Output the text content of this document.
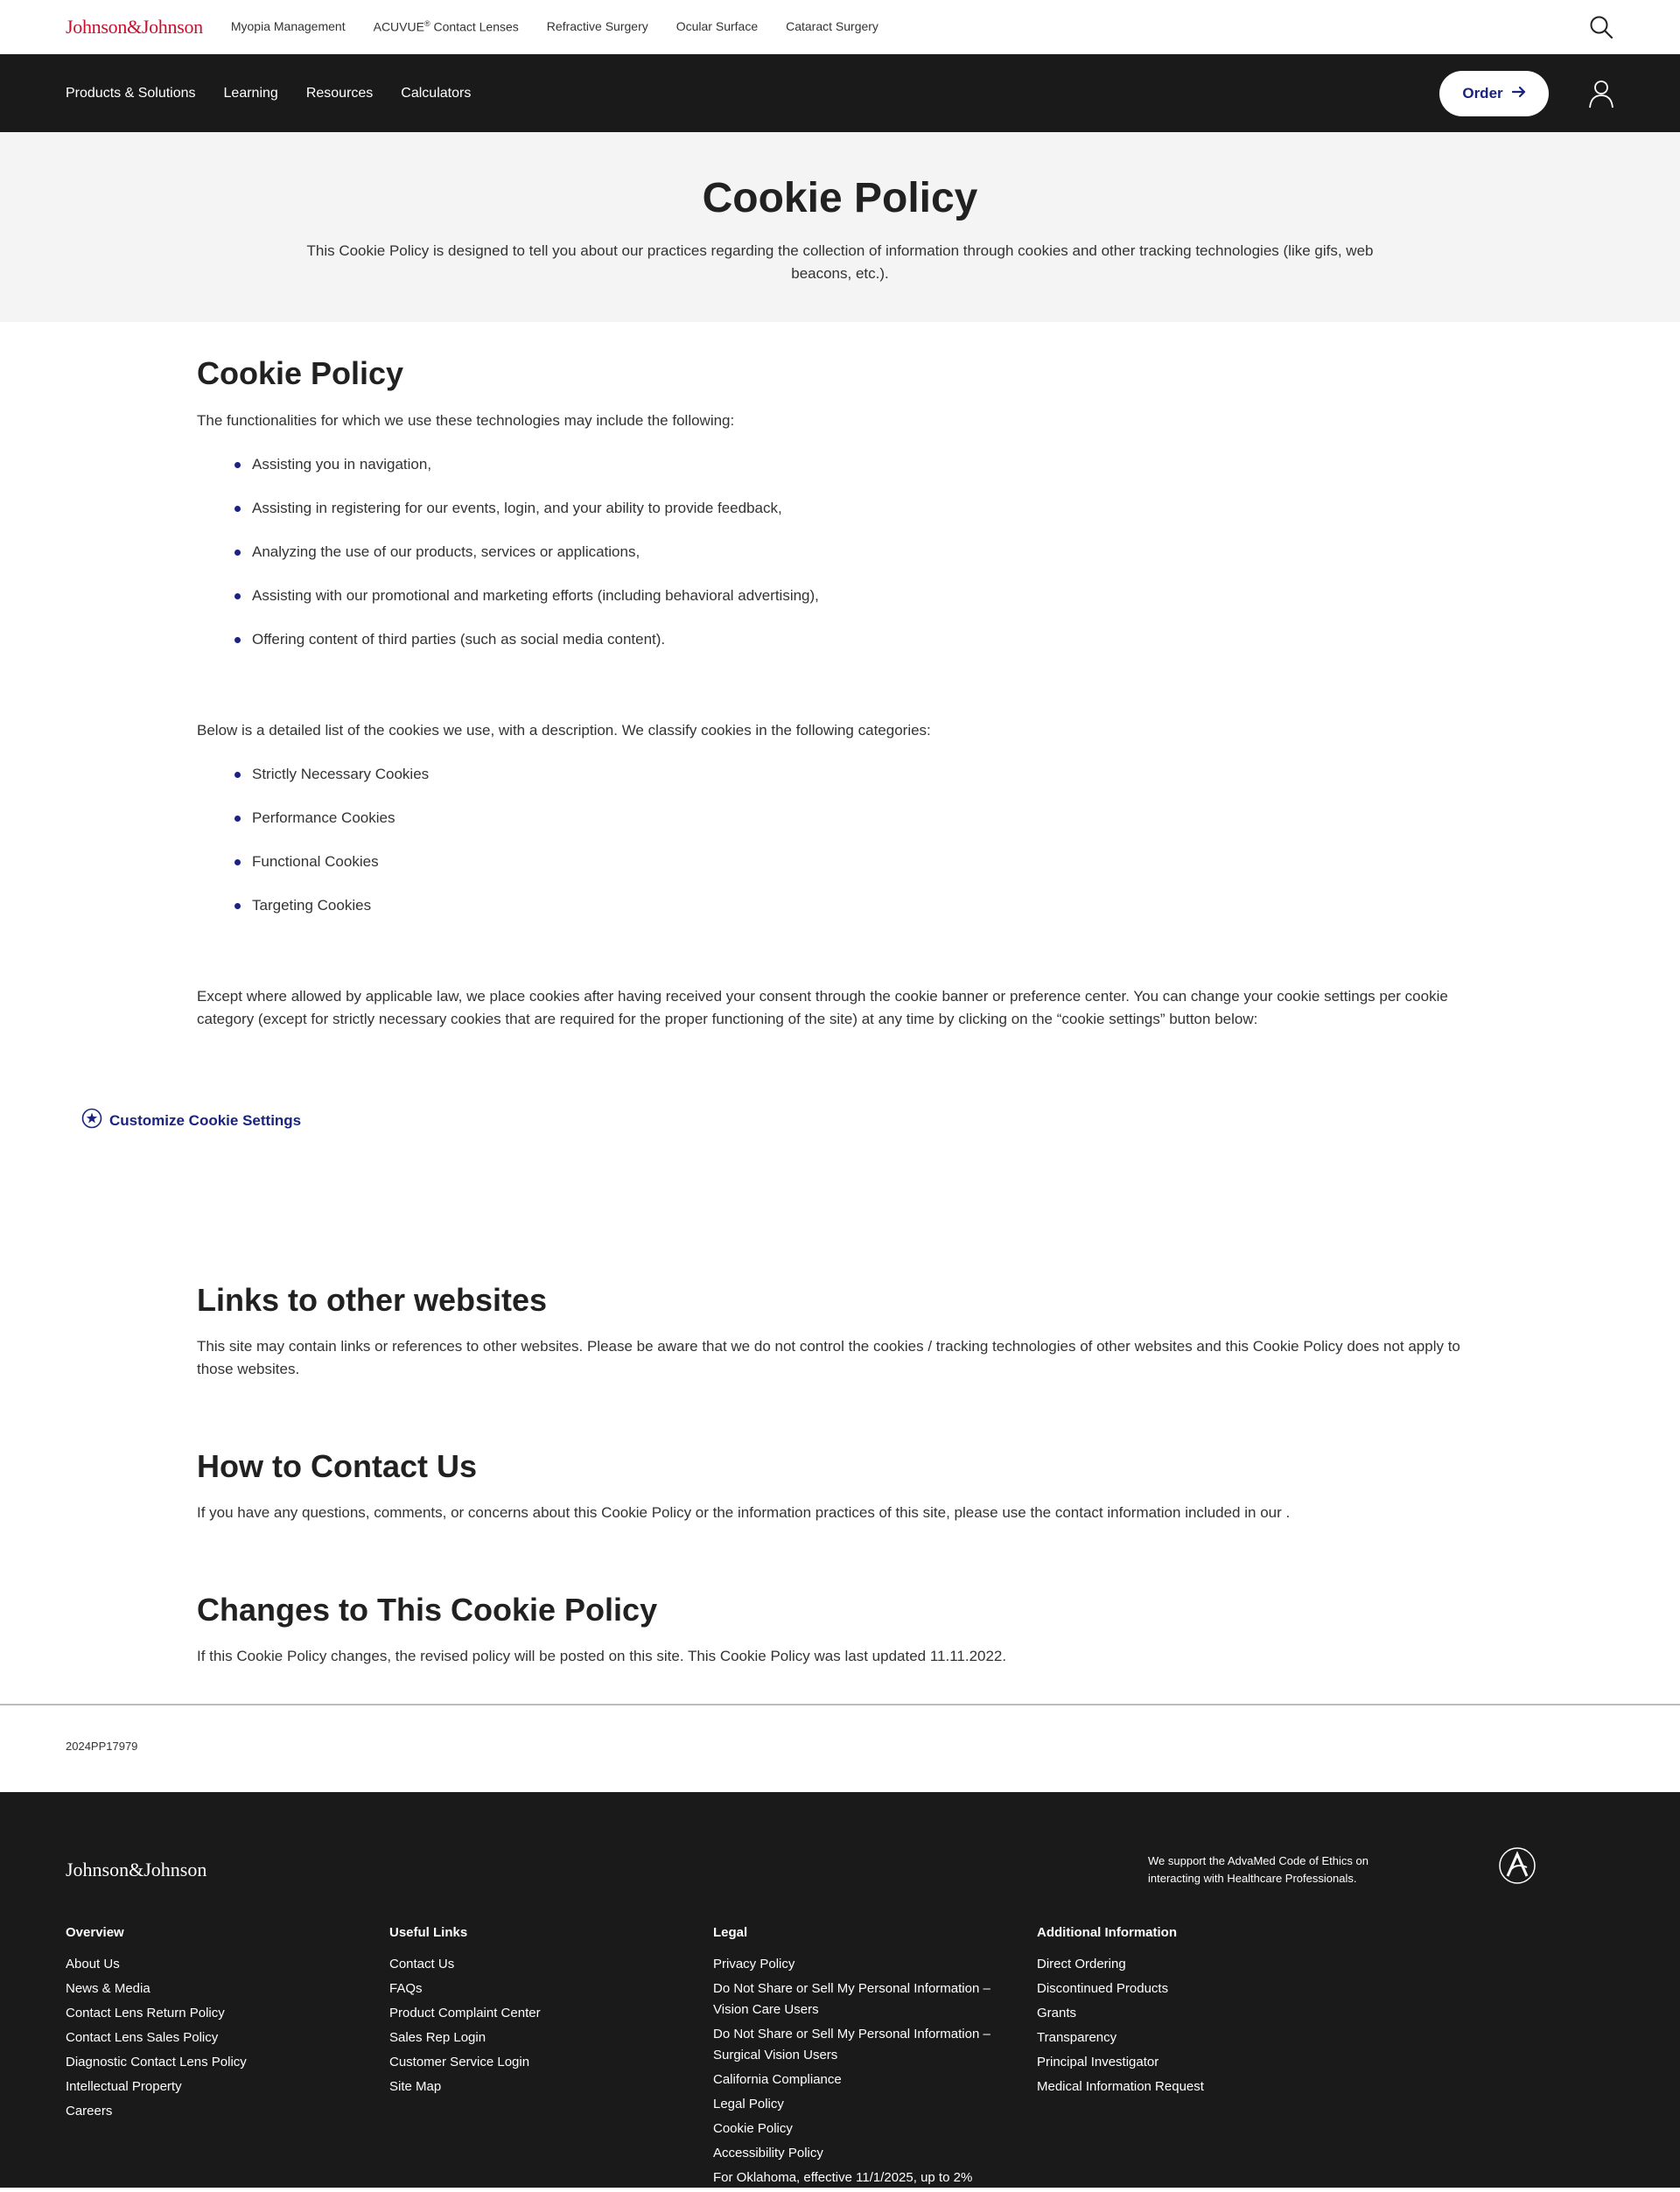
Johnson&Johnson Myopia Management ACUVUE® Contact Lenses Refractive Surgery Ocular Surface Cataract Surgery
Products & Solutions Learning Resources Calculators	Order
Cookie Policy

This Cookie Policy is designed to tell you about our practices regarding the collection of information through cookies and other tracking technologies (like gifs, web beacons, etc.).

Cookie Policy

The functionalities for which we use these technologies may include the following:

Assisting you in navigation,
Assisting in registering for our events, login, and your ability to provide feedback,
Analyzing the use of our products, services or applications,
Assisting with our promotional and marketing efforts (including behavioral advertising),
Offering content of third parties (such as social media content).

Below is a detailed list of the cookies we use, with a description. We classify cookies in the following categories:

Strictly Necessary Cookies
Performance Cookies
Functional Cookies
Targeting Cookies

Except where allowed by applicable law, we place cookies after having received your consent through the cookie banner or preference center. You can change your cookie settings per cookie category (except for strictly necessary cookies that are required for the proper functioning of the site) at any time by clicking on the “cookie settings” button below:

Customize Cookie Settings
Links to other websites

This site may contain links or references to other websites. Please be aware that we do not control the cookies / tracking technologies of other websites and this Cookie Policy does not apply to those websites.

How to Contact Us

If you have any questions, comments, or concerns about this Cookie Policy or the information practices of this site, please use the contact information included in our .

Changes to This Cookie Policy

If this Cookie Policy changes, the revised policy will be posted on this site. This Cookie Policy was last updated 11.11.2022.

2024PP17979
Johnson&Johnson	We support the AdvaMed Code of Ethics on interacting with Healthcare Professionals.
Overview
About Us
News & Media
Contact Lens Return Policy
Contact Lens Sales Policy
Diagnostic Contact Lens Policy
Intellectual Property
Careers
Useful Links
Contact Us
FAQs
Product Complaint Center
Sales Rep Login
Customer Service Login
Site Map
Legal
Privacy Policy
Do Not Share or Sell My Personal Information – Vision Care Users
Do Not Share or Sell My Personal Information – Surgical Vision Users
California Compliance
Legal Policy
Cookie Policy
Accessibility Policy
For Oklahoma, effective 11/1/2025, up to 2%
Additional Information
Direct Ordering
Discontinued Products
Grants
Transparency
Principal Investigator
Medical Information Request
